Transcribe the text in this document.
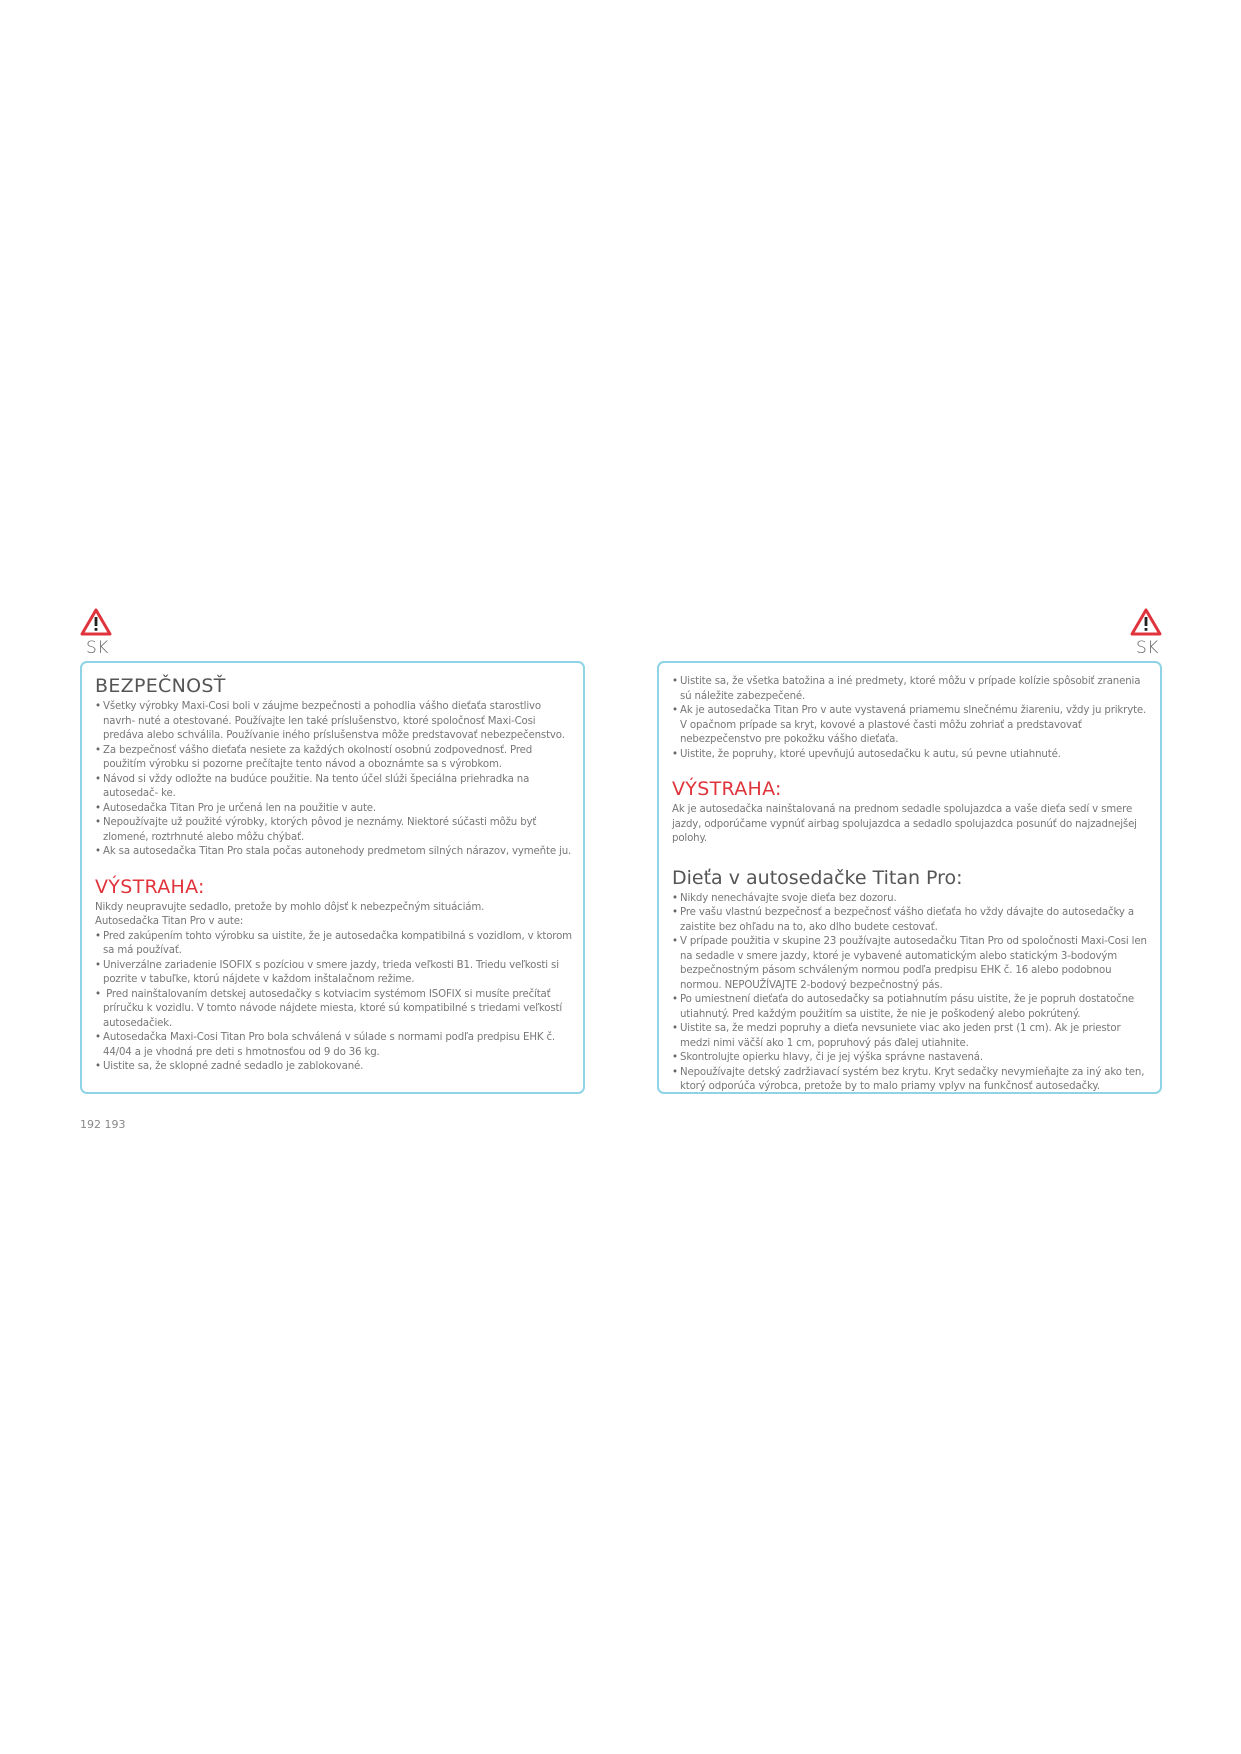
SK	SK
BEZPEČNOSŤ
• Všetky výrobky Maxi-Cosi boli v záujme bezpečnosti a pohodlia vášho dieťaťa starostlivo navrh- nuté a otestované. Používajte len také príslušenstvo, ktoré spoločnosť Maxi-Cosi predáva alebo schválila. Používanie iného príslušenstva môže predstavovať nebezpečenstvo.
• Za bezpečnosť vášho dieťaťa nesiete za každých okolností osobnú zodpovednosť. Pred použitím výrobku si pozorne prečítajte tento návod a oboznámte sa s výrobkom.
• Návod si vždy odložte na budúce použitie. Na tento účel slúži špeciálna priehradka na autosedač- ke.
• Autosedačka Titan Pro je určená len na použitie v aute.
• Nepoužívajte už použité výrobky, ktorých pôvod je neznámy. Niektoré súčasti môžu byť zlomené, roztrhnuté alebo môžu chýbať.
• Ak sa autosedačka Titan Pro stala počas autonehody predmetom silných nárazov, vymeňte ju.
VÝSTRAHA:

Nikdy neupravujte sedadlo, pretože by mohlo dôjsť k nebezpečným situáciám.

Autosedačka Titan Pro v aute:

• Pred zakúpením tohto výrobku sa uistite, že je autosedačka kompatibilná s vozidlom, v ktorom sa má používať.
• Univerzálne zariadenie ISOFIX s pozíciou v smere jazdy, trieda veľkosti B1. Triedu veľkosti si pozrite v tabuľke, ktorú nájdete v každom inštalačnom režime.
• Pred nainštalovaním detskej autosedačky s kotviacim systémom ISOFIX si musíte prečítať príručku k vozidlu. V tomto návode nájdete miesta, ktoré sú kompatibilné s triedami veľkostí autosedačiek.
• Autosedačka Maxi-Cosi Titan Pro bola schválená v súlade s normami podľa predpisu EHK č. 44/04 a je vhodná pre deti s hmotnosťou od 9 do 36 kg.
• Uistite sa, že sklopné zadné sedadlo je zablokované.
• Uistite sa, že všetka batožina a iné predmety, ktoré môžu v prípade kolízie spôsobiť zranenia sú náležite zabezpečené.
• Ak je autosedačka Titan Pro v aute vystavená priamemu slnečnému žiareniu, vždy ju prikryte. V opačnom prípade sa kryt, kovové a plastové časti môžu zohriať a predstavovať nebezpečenstvo pre pokožku vášho dieťaťa.
• Uistite, že popruhy, ktoré upevňujú autosedačku k autu, sú pevne utiahnuté.
VÝSTRAHA:

Ak je autosedačka nainštalovaná na prednom sedadle spolujazdca a vaše dieťa sedí v smere jazdy, odporúčame vypnúť airbag spolujazdca a sedadlo spolujazdca posunúť do najzadnejšej polohy.

Dieťa v autosedačke Titan Pro:
• Nikdy nenechávajte svoje dieťa bez dozoru.
• Pre vašu vlastnú bezpečnosť a bezpečnosť vášho dieťaťa ho vždy dávajte do autosedačky a zaistite bez ohľadu na to, ako dlho budete cestovať.
• V prípade použitia v skupine 23 používajte autosedačku Titan Pro od spoločnosti Maxi-Cosi len na sedadle v smere jazdy, ktoré je vybavené automatickým alebo statickým 3-bodovým bezpečnostným pásom schváleným normou podľa predpisu EHK č. 16 alebo podobnou normou. NEPOUŽÍVAJTE 2-bodový bezpečnostný pás.
• Po umiestnení dieťaťa do autosedačky sa potiahnutím pásu uistite, že je popruh dostatočne utiahnutý. Pred každým použitím sa uistite, že nie je poškodený alebo pokrútený.
• Uistite sa, že medzi popruhy a dieťa nevsuniete viac ako jeden prst (1 cm). Ak je priestor medzi nimi väčší ako 1 cm, popruhový pás ďalej utiahnite.
• Skontrolujte opierku hlavy, či je jej výška správne nastavená.
• Nepoužívajte detský zadržiavací systém bez krytu. Kryt sedačky nevymieňajte za iný ako ten, ktorý odporúča výrobca, pretože by to malo priamy vplyv na funkčnosť autosedačky.
192 193
